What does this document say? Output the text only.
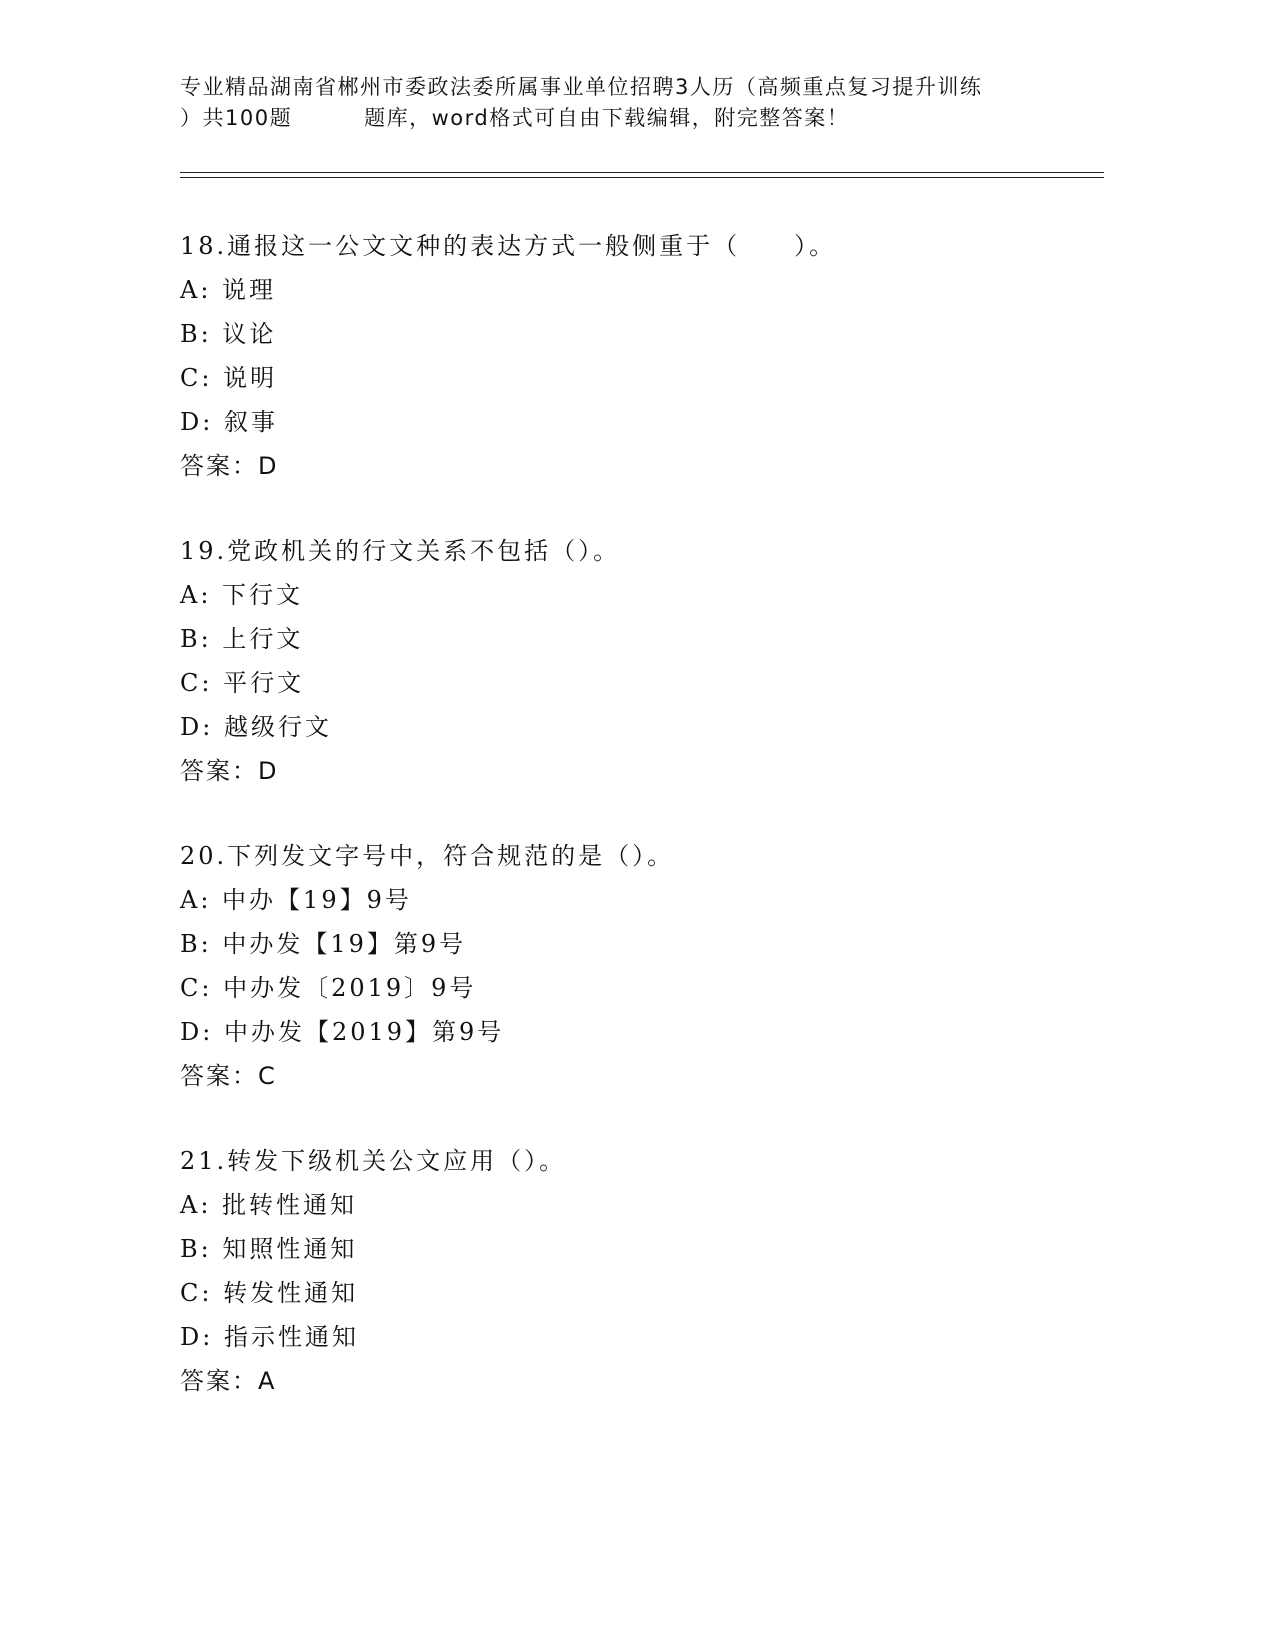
专业精品湖南省郴州市委政法委所属事业单位招聘3人历（高频重点复习提升训练
）共100题	题库，word格式可自由下载编辑，附完整答案！
18.通报这一公文文种的表达方式一般侧重于（　　）。
A: 说理
B: 议论
C: 说明
D: 叙事
答案：D
19.党政机关的行文关系不包括（）。
A: 下行文
B: 上行文
C: 平行文
D: 越级行文
答案：D
20.下列发文字号中，符合规范的是（）。
A: 中办【19】9号
B: 中办发【19】第9号
C: 中办发〔2019〕9号
D: 中办发【2019】第9号
答案：C
21.转发下级机关公文应用（）。
A: 批转性通知
B: 知照性通知
C: 转发性通知
D: 指示性通知
答案：A
